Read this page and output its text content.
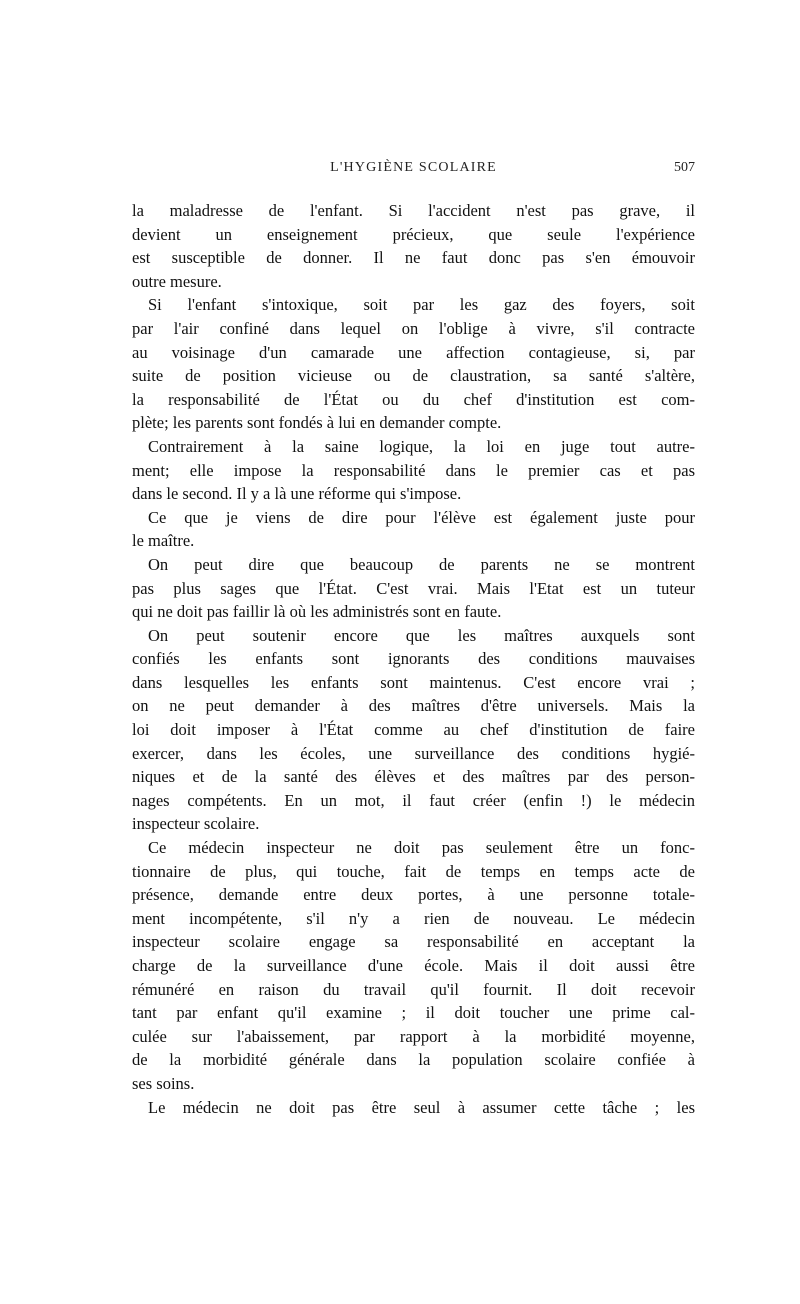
L'HYGIÈNE SCOLAIRE	507
la maladresse de l'enfant. Si l'accident n'est pas grave, il
devient un enseignement précieux, que seule l'expérience
est susceptible de donner. Il ne faut donc pas s'en émouvoir
outre mesure.
Si l'enfant s'intoxique, soit par les gaz des foyers, soit
par l'air confiné dans lequel on l'oblige à vivre, s'il contracte
au voisinage d'un camarade une affection contagieuse, si, par
suite de position vicieuse ou de claustration, sa santé s'altère,
la responsabilité de l'État ou du chef d'institution est com-
plète; les parents sont fondés à lui en demander compte.
Contrairement à la saine logique, la loi en juge tout autre-
ment; elle impose la responsabilité dans le premier cas et pas
dans le second. Il y a là une réforme qui s'impose.
Ce que je viens de dire pour l'élève est également juste pour
le maître.
On peut dire que beaucoup de parents ne se montrent
pas plus sages que l'État. C'est vrai. Mais l'Etat est un tuteur
qui ne doit pas faillir là où les administrés sont en faute.
On peut soutenir encore que les maîtres auxquels sont
confiés les enfants sont ignorants des conditions mauvaises
dans lesquelles les enfants sont maintenus. C'est encore vrai ;
on ne peut demander à des maîtres d'être universels. Mais la
loi doit imposer à l'État comme au chef d'institution de faire
exercer, dans les écoles, une surveillance des conditions hygié-
niques et de la santé des élèves et des maîtres par des person-
nages compétents. En un mot, il faut créer (enfin !) le médecin
inspecteur scolaire.
Ce médecin inspecteur ne doit pas seulement être un fonc-
tionnaire de plus, qui touche, fait de temps en temps acte de
présence, demande entre deux portes, à une personne totale-
ment incompétente, s'il n'y a rien de nouveau. Le médecin
inspecteur scolaire engage sa responsabilité en acceptant la
charge de la surveillance d'une école. Mais il doit aussi être
rémunéré en raison du travail qu'il fournit. Il doit recevoir
tant par enfant qu'il examine ; il doit toucher une prime cal-
culée sur l'abaissement, par rapport à la morbidité moyenne,
de la morbidité générale dans la population scolaire confiée à
ses soins.
Le médecin ne doit pas être seul à assumer cette tâche ; les
